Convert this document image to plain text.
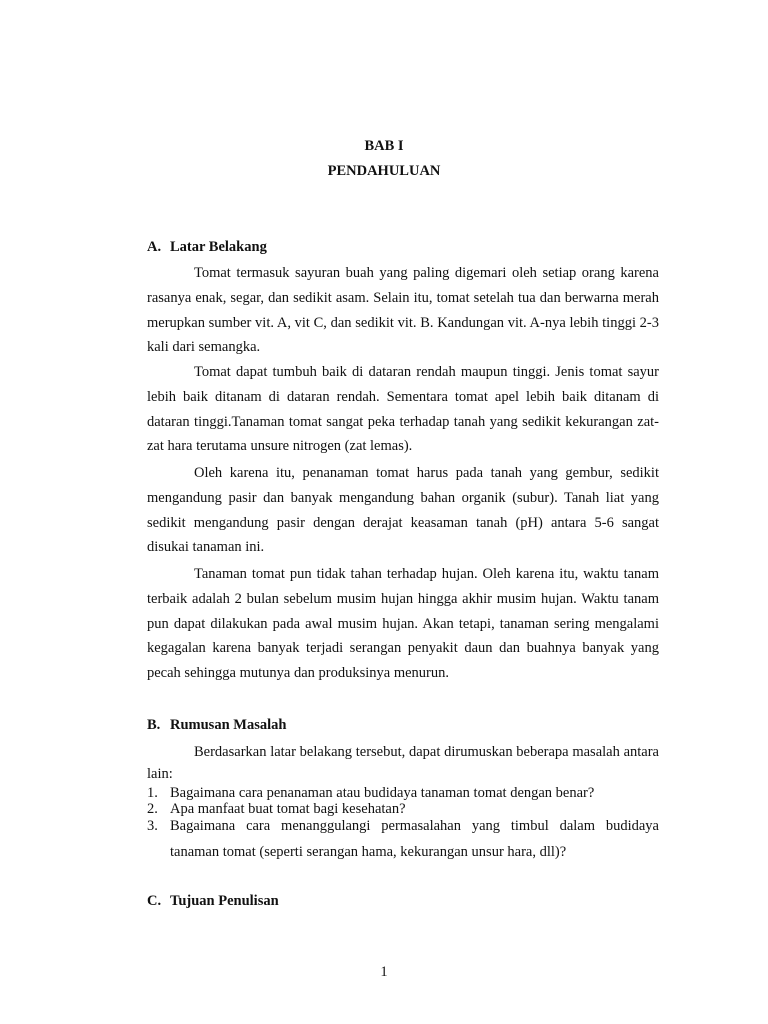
BAB I

PENDAHULUAN

A. Latar Belakang

Tomat termasuk sayuran buah yang paling digemari oleh setiap orang karena rasanya enak, segar, dan sedikit asam. Selain itu, tomat setelah tua dan berwarna merah merupkan sumber vit. A, vit C, dan sedikit vit. B. Kandungan vit. A-nya lebih tinggi 2-3 kali dari semangka.

Tomat dapat tumbuh baik di dataran rendah maupun tinggi. Jenis tomat sayur lebih baik ditanam di dataran rendah. Sementara tomat apel lebih baik ditanam di dataran tinggi.Tanaman tomat sangat peka terhadap tanah yang sedikit kekurangan zat-zat hara terutama unsure nitrogen (zat lemas).

Oleh karena itu, penanaman tomat harus pada tanah yang gembur, sedikit mengandung pasir dan banyak mengandung bahan organik (subur). Tanah liat yang sedikit mengandung pasir dengan derajat keasaman tanah (pH) antara 5-6 sangat disukai tanaman ini.

Tanaman tomat pun tidak tahan terhadap hujan. Oleh karena itu, waktu tanam terbaik adalah 2 bulan sebelum musim hujan hingga akhir musim hujan. Waktu tanam pun dapat dilakukan pada awal musim hujan. Akan tetapi, tanaman sering mengalami kegagalan karena banyak terjadi serangan penyakit daun dan buahnya banyak yang pecah sehingga mutunya dan produksinya menurun.

B. Rumusan Masalah

Berdasarkan latar belakang tersebut, dapat dirumuskan beberapa masalah antara lain:

1. Bagaimana cara penanaman atau budidaya tanaman tomat dengan benar?
2. Apa manfaat buat tomat bagi kesehatan?
3. Bagaimana cara menanggulangi permasalahan yang timbul dalam budidaya tanaman tomat (seperti serangan hama, kekurangan unsur hara, dll)?

C. Tujuan Penulisan

1
